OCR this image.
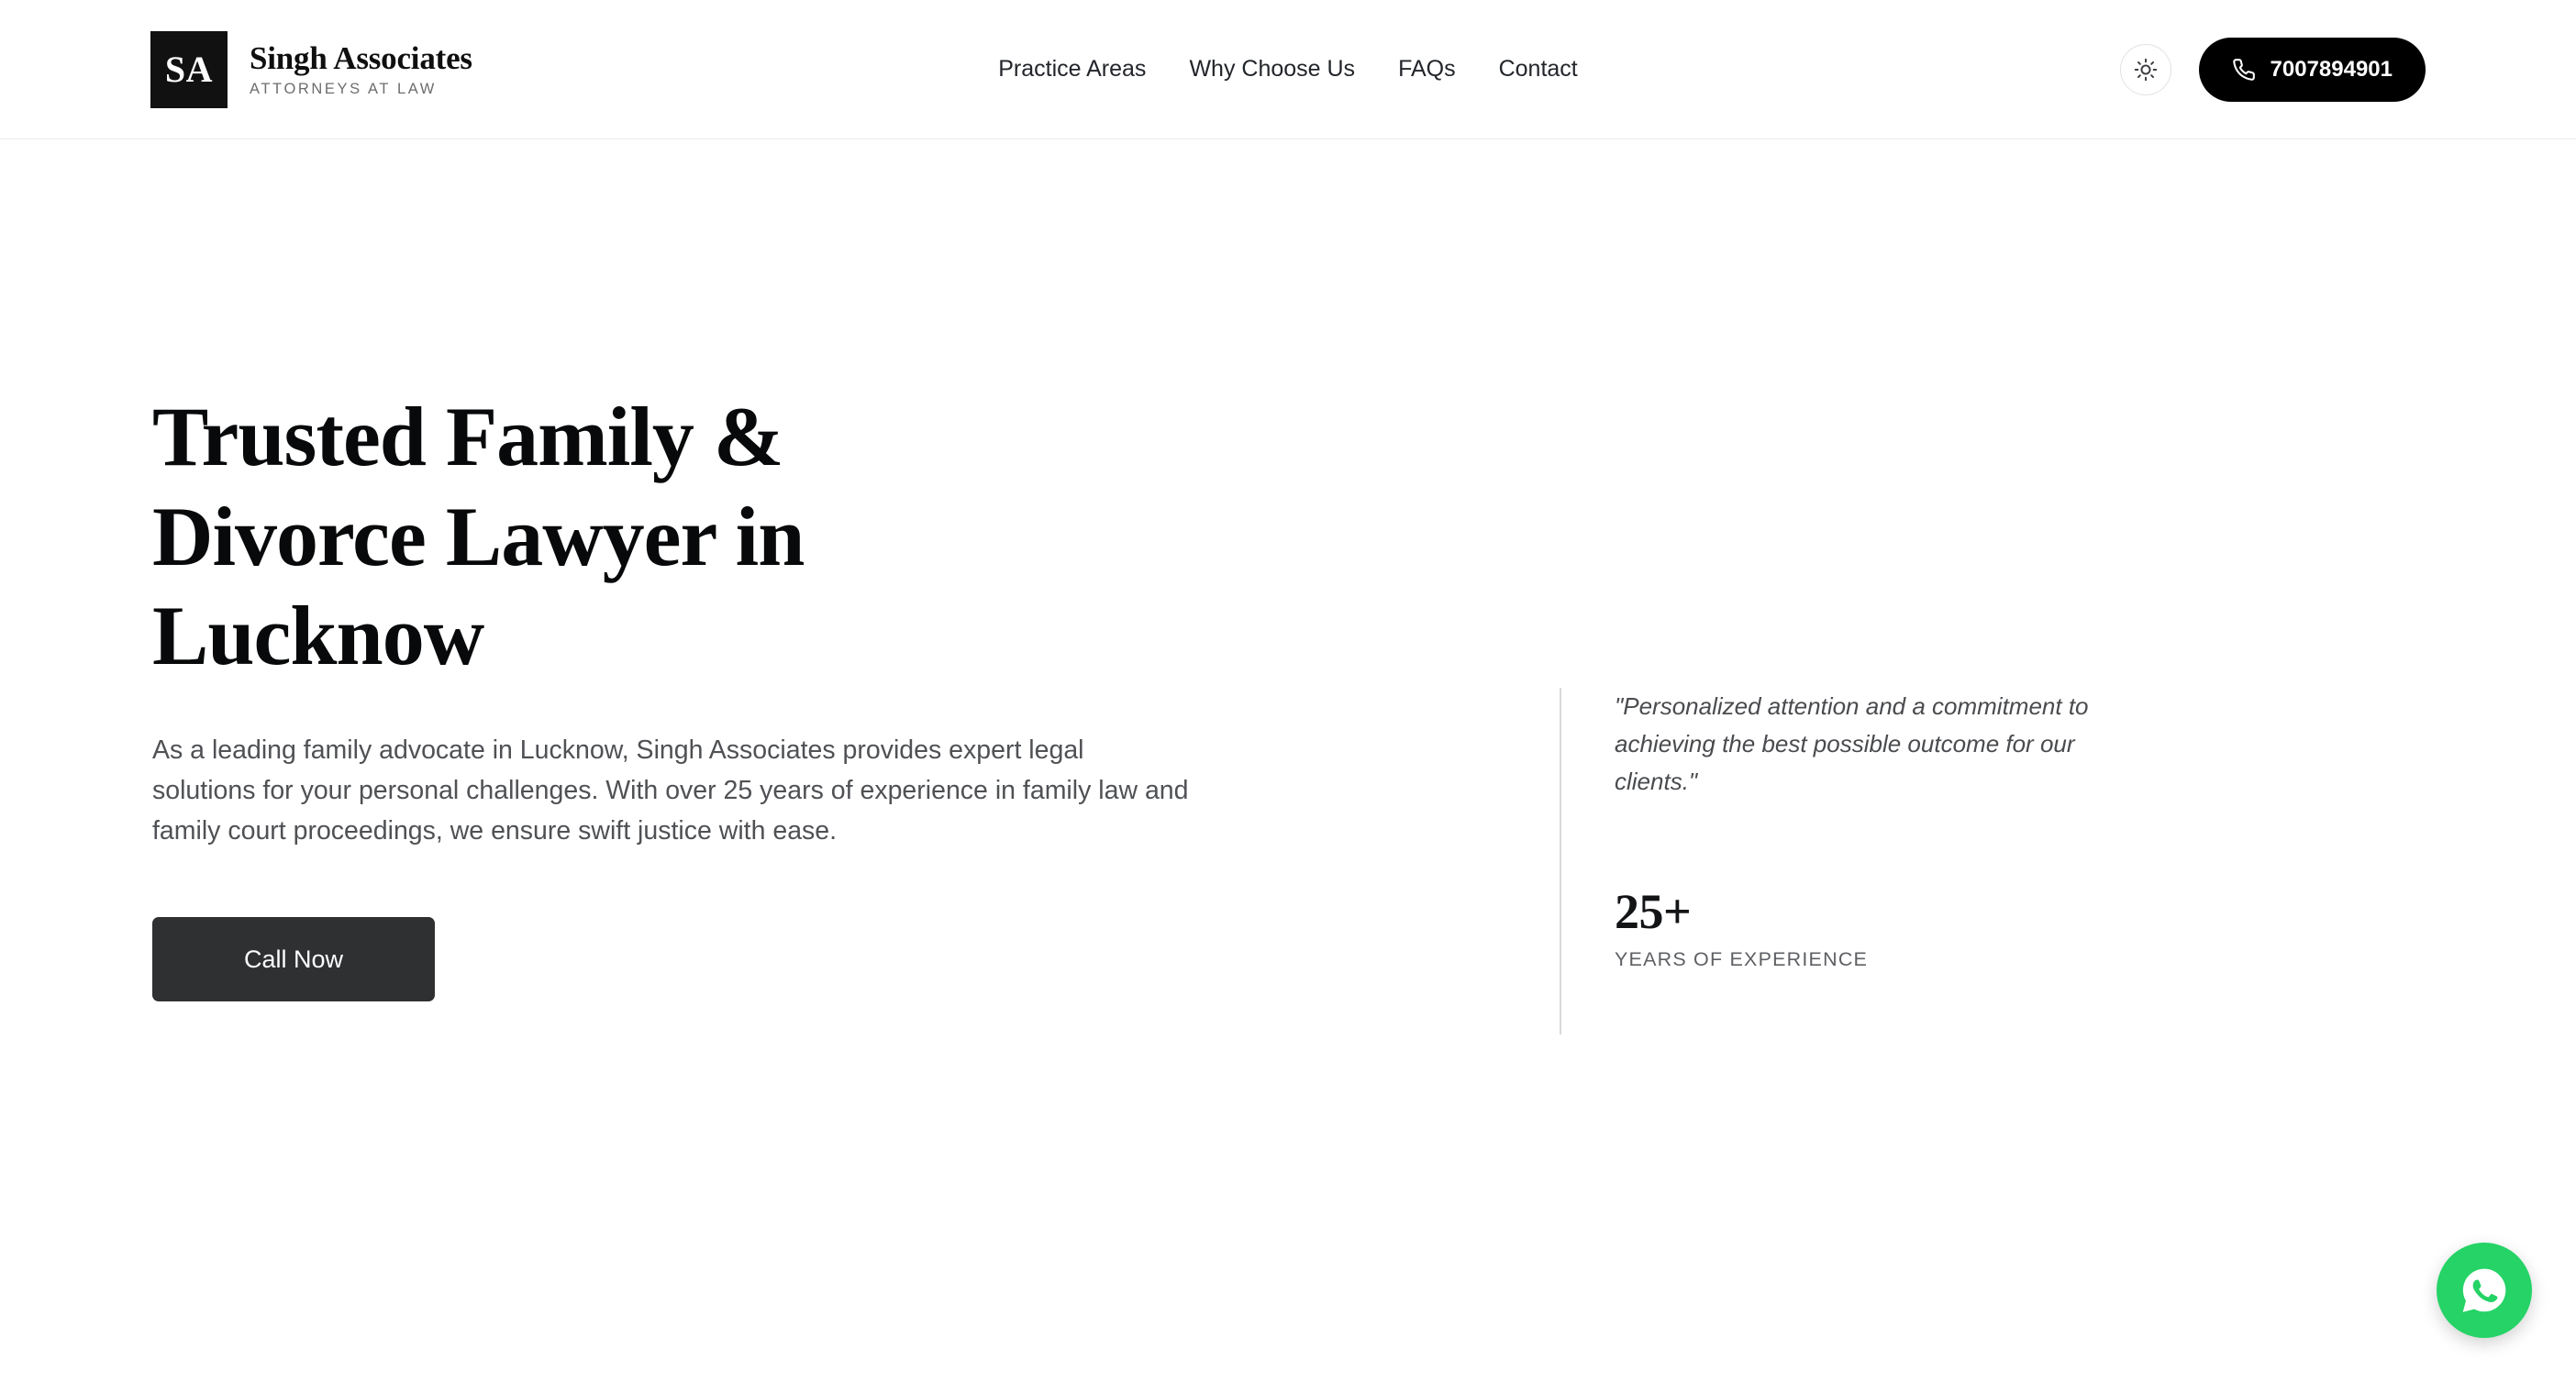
SA	Singh Associates
ATTORNEYS AT LAW
Practice Areas Why Choose Us FAQs Contact	7007894901
Trusted Family &
Divorce Lawyer in
Lucknow

As a leading family advocate in Lucknow, Singh Associates provides expert legal solutions for your personal challenges. With over 25 years of experience in family law and family court proceedings, we ensure swift justice with ease.

Call Now
"Personalized attention and a commitment to achieving the best possible outcome for our clients."
25+
YEARS OF EXPERIENCE
